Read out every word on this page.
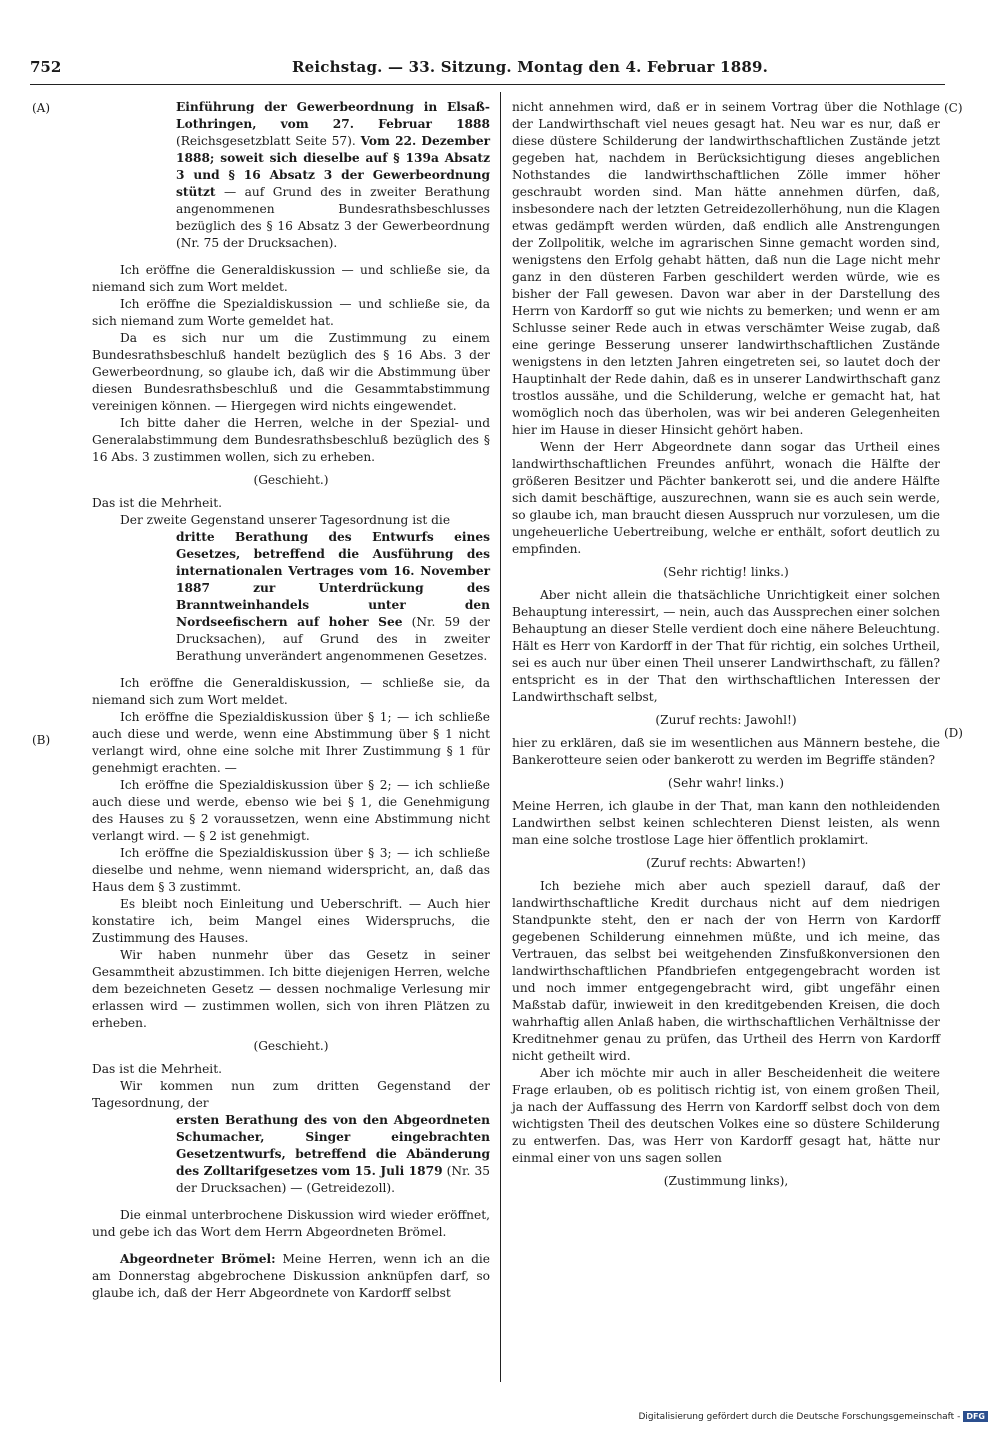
752	Reichstag. — 33. Sitzung. Montag den 4. Februar 1889.
(A)
(B)
(C)
(D)

Einführung der Gewerbeordnung in Elsaß-Lothringen, vom 27. Februar 1888 (Reichsgesetzblatt Seite 57). Vom 22. Dezember 1888; soweit sich dieselbe auf § 139a Absatz 3 und § 16 Absatz 3 der Gewerbeordnung stützt — auf Grund des in zweiter Berathung angenommenen Bundesrathsbeschlusses bezüglich des § 16 Absatz 3 der Gewerbeordnung (Nr. 75 der Drucksachen).

Ich eröffne die Generaldiskussion — und schließe sie, da niemand sich zum Wort meldet.

Ich eröffne die Spezialdiskussion — und schließe sie, da sich niemand zum Worte gemeldet hat.

Da es sich nur um die Zustimmung zu einem Bundesrathsbeschluß handelt bezüglich des § 16 Abs. 3 der Gewerbeordnung, so glaube ich, daß wir die Abstimmung über diesen Bundesrathsbeschluß und die Gesammtabstimmung vereinigen können. — Hiergegen wird nichts eingewendet.

Ich bitte daher die Herren, welche in der Spezial- und Generalabstimmung dem Bundesrathsbeschluß bezüglich des § 16 Abs. 3 zustimmen wollen, sich zu erheben.

(Geschieht.)

Das ist die Mehrheit.

Der zweite Gegenstand unserer Tagesordnung ist die

dritte Berathung des Entwurfs eines Gesetzes, betreffend die Ausführung des internationalen Vertrages vom 16. November 1887 zur Unterdrückung des Branntweinhandels unter den Nordseefischern auf hoher See (Nr. 59 der Drucksachen), auf Grund des in zweiter Berathung unverändert angenommenen Gesetzes.

Ich eröffne die Generaldiskussion, — schließe sie, da niemand sich zum Wort meldet.

Ich eröffne die Spezialdiskussion über § 1; — ich schließe auch diese und werde, wenn eine Abstimmung über § 1 nicht verlangt wird, ohne eine solche mit Ihrer Zustimmung § 1 für genehmigt erachten. —

Ich eröffne die Spezialdiskussion über § 2; — ich schließe auch diese und werde, ebenso wie bei § 1, die Genehmigung des Hauses zu § 2 voraussetzen, wenn eine Abstimmung nicht verlangt wird. — § 2 ist genehmigt.

Ich eröffne die Spezialdiskussion über § 3; — ich schließe dieselbe und nehme, wenn niemand widerspricht, an, daß das Haus dem § 3 zustimmt.

Es bleibt noch Einleitung und Ueberschrift. — Auch hier konstatire ich, beim Mangel eines Widerspruchs, die Zustimmung des Hauses.

Wir haben nunmehr über das Gesetz in seiner Gesammtheit abzustimmen. Ich bitte diejenigen Herren, welche dem bezeichneten Gesetz — dessen nochmalige Verlesung mir erlassen wird — zustimmen wollen, sich von ihren Plätzen zu erheben.

(Geschieht.)

Das ist die Mehrheit.

Wir kommen nun zum dritten Gegenstand der Tagesordnung, der

ersten Berathung des von den Abgeordneten Schumacher, Singer eingebrachten Gesetzentwurfs, betreffend die Abänderung des Zolltarifgesetzes vom 15. Juli 1879 (Nr. 35 der Drucksachen) — (Getreidezoll).

Die einmal unterbrochene Diskussion wird wieder eröffnet, und gebe ich das Wort dem Herrn Abgeordneten Brömel.

Abgeordneter Brömel: Meine Herren, wenn ich an die am Donnerstag abgebrochene Diskussion anknüpfen darf, so glaube ich, daß der Herr Abgeordnete von Kardorff selbst

nicht annehmen wird, daß er in seinem Vortrag über die Nothlage der Landwirthschaft viel neues gesagt hat. Neu war es nur, daß er diese düstere Schilderung der landwirthschaftlichen Zustände jetzt gegeben hat, nachdem in Berücksichtigung dieses angeblichen Nothstandes die landwirthschaftlichen Zölle immer höher geschraubt worden sind. Man hätte annehmen dürfen, daß, insbesondere nach der letzten Getreidezollerhöhung, nun die Klagen etwas gedämpft werden würden, daß endlich alle Anstrengungen der Zollpolitik, welche im agrarischen Sinne gemacht worden sind, wenigstens den Erfolg gehabt hätten, daß nun die Lage nicht mehr ganz in den düsteren Farben geschildert werden würde, wie es bisher der Fall gewesen. Davon war aber in der Darstellung des Herrn von Kardorff so gut wie nichts zu bemerken; und wenn er am Schlusse seiner Rede auch in etwas verschämter Weise zugab, daß eine geringe Besserung unserer landwirthschaftlichen Zustände wenigstens in den letzten Jahren eingetreten sei, so lautet doch der Hauptinhalt der Rede dahin, daß es in unserer Landwirthschaft ganz trostlos aussähe, und die Schilderung, welche er gemacht hat, hat womöglich noch das überholen, was wir bei anderen Gelegenheiten hier im Hause in dieser Hinsicht gehört haben.

Wenn der Herr Abgeordnete dann sogar das Urtheil eines landwirthschaftlichen Freundes anführt, wonach die Hälfte der größeren Besitzer und Pächter bankerott sei, und die andere Hälfte sich damit beschäftige, auszurechnen, wann sie es auch sein werde, so glaube ich, man braucht diesen Ausspruch nur vorzulesen, um die ungeheuerliche Uebertreibung, welche er enthält, sofort deutlich zu empfinden.

(Sehr richtig! links.)

Aber nicht allein die thatsächliche Unrichtigkeit einer solchen Behauptung interessirt, — nein, auch das Aussprechen einer solchen Behauptung an dieser Stelle verdient doch eine nähere Beleuchtung. Hält es Herr von Kardorff in der That für richtig, ein solches Urtheil, sei es auch nur über einen Theil unserer Landwirthschaft, zu fällen? entspricht es in der That den wirthschaftlichen Interessen der Landwirthschaft selbst,

(Zuruf rechts: Jawohl!)

hier zu erklären, daß sie im wesentlichen aus Männern bestehe, die Bankerotteure seien oder bankerott zu werden im Begriffe ständen?

(Sehr wahr! links.)

Meine Herren, ich glaube in der That, man kann den nothleidenden Landwirthen selbst keinen schlechteren Dienst leisten, als wenn man eine solche trostlose Lage hier öffentlich proklamirt.

(Zuruf rechts: Abwarten!)

Ich beziehe mich aber auch speziell darauf, daß der landwirthschaftliche Kredit durchaus nicht auf dem niedrigen Standpunkte steht, den er nach der von Herrn von Kardorff gegebenen Schilderung einnehmen müßte, und ich meine, das Vertrauen, das selbst bei weitgehenden Zinsfußkonversionen den landwirthschaftlichen Pfandbriefen entgegengebracht worden ist und noch immer entgegengebracht wird, gibt ungefähr einen Maßstab dafür, inwieweit in den kreditgebenden Kreisen, die doch wahrhaftig allen Anlaß haben, die wirthschaftlichen Verhältnisse der Kreditnehmer genau zu prüfen, das Urtheil des Herrn von Kardorff nicht getheilt wird.

Aber ich möchte mir auch in aller Bescheidenheit die weitere Frage erlauben, ob es politisch richtig ist, von einem großen Theil, ja nach der Auffassung des Herrn von Kardorff selbst doch von dem wichtigsten Theil des deutschen Volkes eine so düstere Schilderung zu entwerfen. Das, was Herr von Kardorff gesagt hat, hätte nur einmal einer von uns sagen sollen

(Zustimmung links),

Digitalisierung gefördert durch die Deutsche Forschungsgemeinschaft - DFG
